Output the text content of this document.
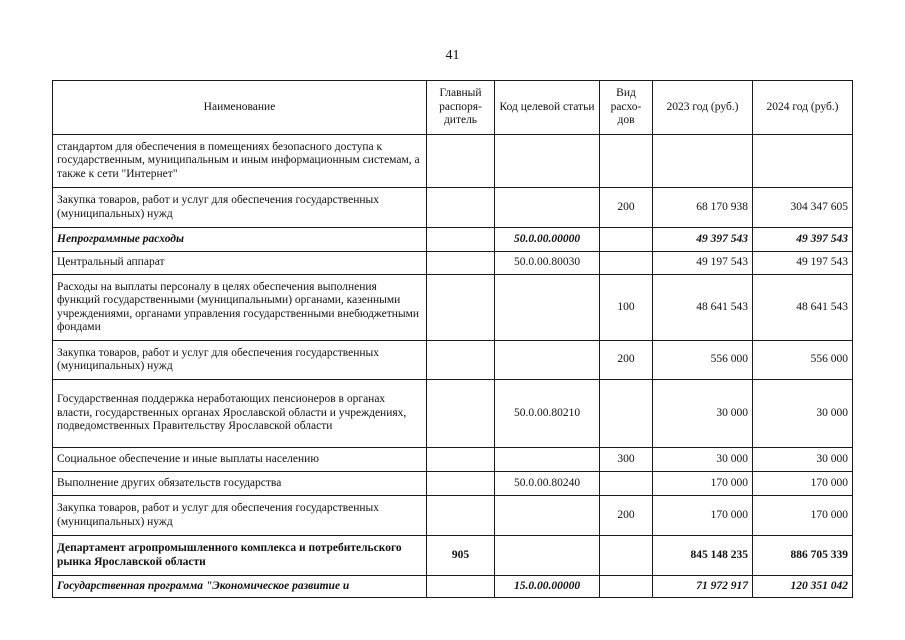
41
Наименование	Главный распоря-дитель	Код целевой статьи	Вид расхо-дов	2023 год (руб.)	2024 год (руб.)
стандартом для обеспечения в помещениях безопасного доступа к государственным, муниципальным и иным информационным системам, а также к сети "Интернет"					
Закупка товаров, работ и услуг для обеспечения государственных (муниципальных) нужд			200	68 170 938	304 347 605
Непрограммные расходы		50.0.00.00000		49 397 543	49 397 543
Центральный аппарат		50.0.00.80030		49 197 543	49 197 543
Расходы на выплаты персоналу в целях обеспечения выполнения функций государственными (муниципальными) органами, казенными учреждениями, органами управления государственными внебюджетными фондами			100	48 641 543	48 641 543
Закупка товаров, работ и услуг для обеспечения государственных (муниципальных) нужд			200	556 000	556 000
Государственная поддержка неработающих пенсионеров в органах власти, государственных органах Ярославской области и учреждениях, подведомственных Правительству Ярославской области		50.0.00.80210		30 000	30 000
Социальное обеспечение и иные выплаты населению			300	30 000	30 000
Выполнение других обязательств государства		50.0.00.80240		170 000	170 000
Закупка товаров, работ и услуг для обеспечения государственных (муниципальных) нужд			200	170 000	170 000
Департамент агропромышленного комплекса и потребительского рынка Ярославской области	905			845 148 235	886 705 339
Государственная программа "Экономическое развитие и		15.0.00.00000		71 972 917	120 351 042
